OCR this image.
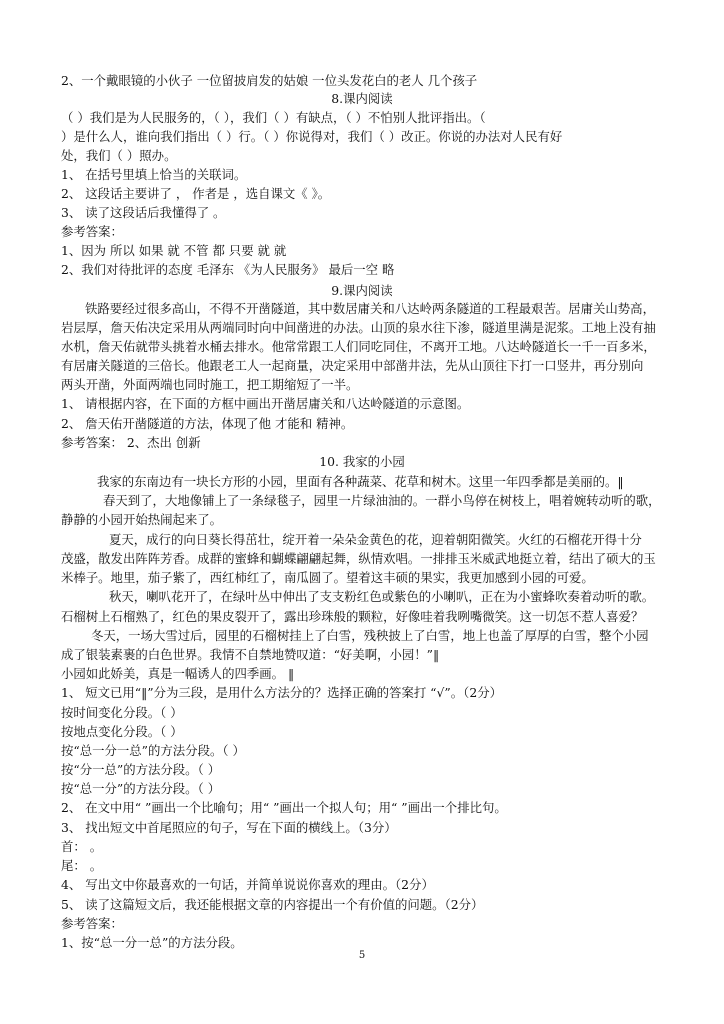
2、一个戴眼镜的小伙子 一位留披肩发的姑娘 一位头发花白的老人 几个孩子
8.课内阅读
（ ）我们是为人民服务的，（ ），我们（ ）有缺点，（ ）不怕别人批评指出。（
）是什么人，谁向我们指出（ ）行。（ ）你说得对，我们（ ）改正。你说的办法对人民有好
处，我们（ ）照办。
1、 在括号里填上恰当的关联词。
2、 这段话主要讲了 ， 作者是 ，选自课文《 》。
3、 读了这段话后我懂得了 。
参考答案：
1、因为 所以 如果 就 不管 都 只要 就 就
2、我们对待批评的态度 毛泽东 《为人民服务》 最后一空 略
9.课内阅读
铁路要经过很多高山，不得不开凿隧道，其中数居庸关和八达岭两条隧道的工程最艰苦。居庸关山势高，
岩层厚，詹天佑决定采用从两端同时向中间凿进的办法。山顶的泉水往下渗，隧道里满是泥浆。工地上没有抽
水机，詹天佑就带头挑着水桶去排水。他常常跟工人们同吃同住，不离开工地。八达岭隧道长一千一百多米，
有居庸关隧道的三倍长。他跟老工人一起商量，决定采用中部凿井法，先从山顶往下打一口竖井，再分别向
两头开凿，外面两端也同时施工，把工期缩短了一半。
1、 请根据内容，在下面的方框中画出开凿居庸关和八达岭隧道的示意图。
2、 詹天佑开凿隧道的方法，体现了他 才能和 精神。
参考答案： 2、杰出 创新
10. 我家的小园
我家的东南边有一块长方形的小园，里面有各种蔬菜、花草和树木。这里一年四季都是美丽的。‖
春天到了，大地像铺上了一条绿毯子，园里一片绿油油的。一群小鸟停在树枝上，唱着婉转动听的歌，
静静的小园开始热闹起来了。
夏天，成行的向日葵长得茁壮，绽开着一朵朵金黄色的花，迎着朝阳微笑。火红的石榴花开得十分
茂盛，散发出阵阵芳香。成群的蜜蜂和蝴蝶翩翩起舞，纵情欢唱。一排排玉米威武地挺立着，结出了硕大的玉
米棒子。地里，茄子紫了，西红柿红了，南瓜圆了。望着这丰硕的果实，我更加感到小园的可爱。
秋天，喇叭花开了，在绿叶丛中伸出了支支粉红色或紫色的小喇叭，正在为小蜜蜂吹奏着动听的歌。
石榴树上石榴熟了，红色的果皮裂开了，露出珍珠般的颗粒，好像哇着我咧嘴微笑。这一切怎不惹人喜爱？
冬天，一场大雪过后，园里的石榴树挂上了白雪，残秧披上了白雪，地上也盖了厚厚的白雪，整个小园
成了银装素裹的白色世界。我情不自禁地赞叹道：“好美啊，小园！”‖
小园如此娇美，真是一幅诱人的四季画。 ‖
1、 短文已用“‖”分为三段，是用什么方法分的？选择正确的答案打 “√”。（2分）
按时间变化分段。（ ）
按地点变化分段。（ ）
按“总一分一总”的方法分段。（ ）
按“分一总”的方法分段。（ ）
按“总一分”的方法分段。（ ）
2、 在文中用“ ”画出一个比喻句；用“ ”画出一个拟人句；用“ ”画出一个排比句。
3、 找出短文中首尾照应的句子，写在下面的横线上。（3分）
首： 。
尾： 。
4、 写出文中你最喜欢的一句话，并简单说说你喜欢的理由。（2分）
5、 读了这篇短文后，我还能根据文章的内容提出一个有价值的问题。（2分）
参考答案：
1、按“总一分一总”的方法分段。
5
